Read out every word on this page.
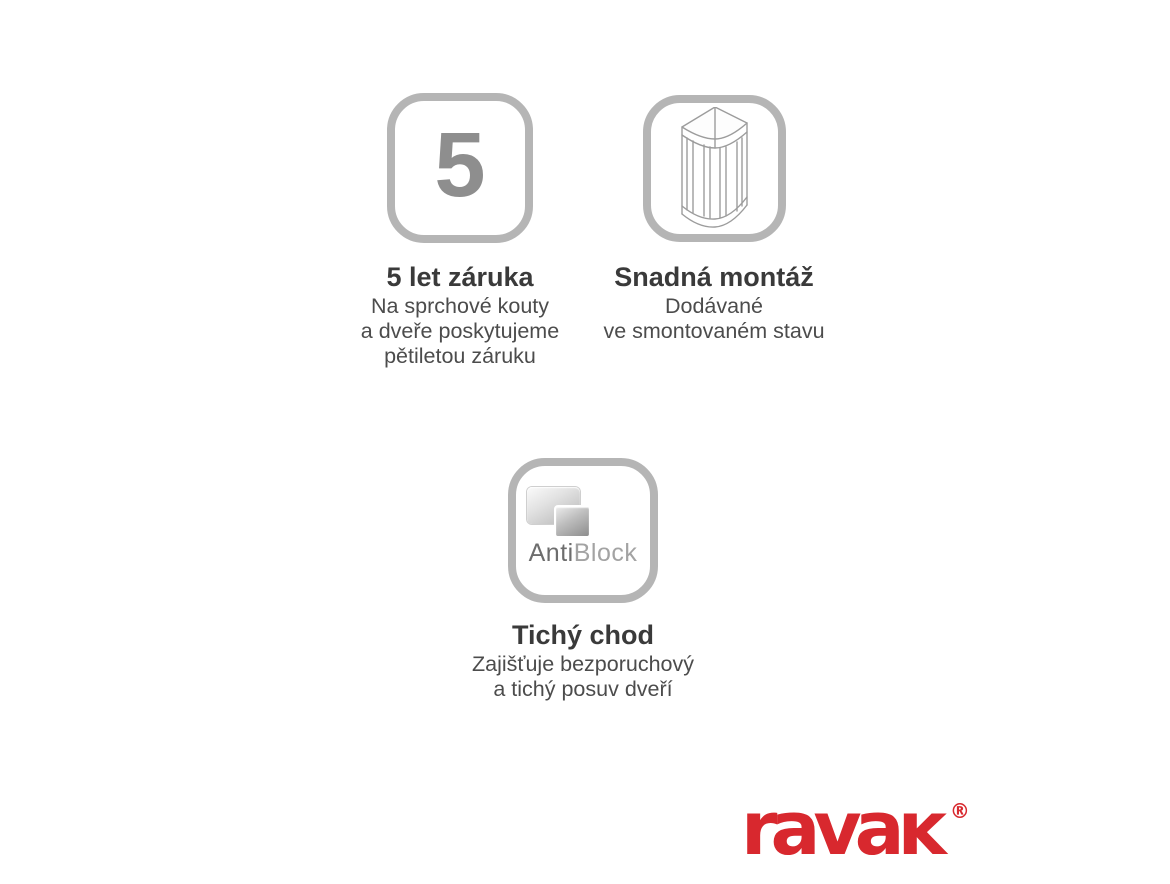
5
5 let záruka
Na sprchové kouty
a dveře poskytujeme
pětiletou záruku
Snadná montáž
Dodávané
ve smontovaném stavu
AntiBlock
Tichý chod
Zajišťuje bezporuchový
a tichý posuv dveří
ravaĸ ®
